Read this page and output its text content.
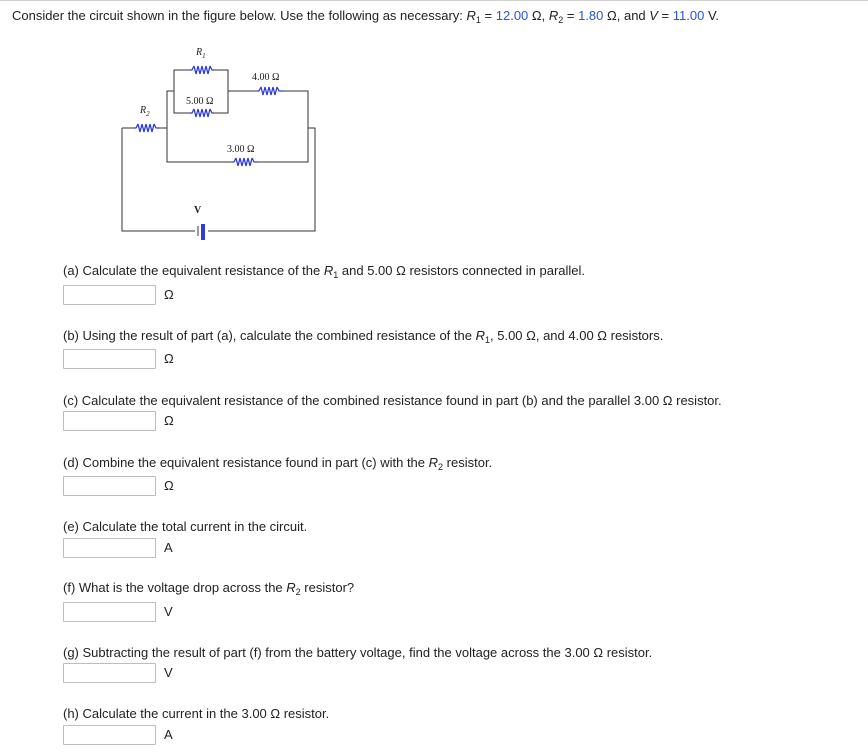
Consider the circuit shown in the figure below. Use the following as necessary: $R_1 = 12.00$ Ω, $R_2 = 1.80$ Ω, and V = 11.00 V.
$R_1$
$R_2$
5.00 Ω
4.00 Ω
3.00 Ω
V
(a) Calculate the equivalent resistance of the $R_1$ and 5.00 Ω resistors connected in parallel.
Ω
(b) Using the result of part (a), calculate the combined resistance of the $R_1$, 5.00 Ω, and 4.00 Ω resistors.
Ω
(c) Calculate the equivalent resistance of the combined resistance found in part (b) and the parallel 3.00 Ω resistor.
Ω
(d) Combine the equivalent resistance found in part (c) with the $R_2$ resistor.
Ω
(e) Calculate the total current in the circuit.
A
(f) What is the voltage drop across the $R_2$ resistor?
V
(g) Subtracting the result of part (f) from the battery voltage, find the voltage across the 3.00 Ω resistor.
V
(h) Calculate the current in the 3.00 Ω resistor.
A
